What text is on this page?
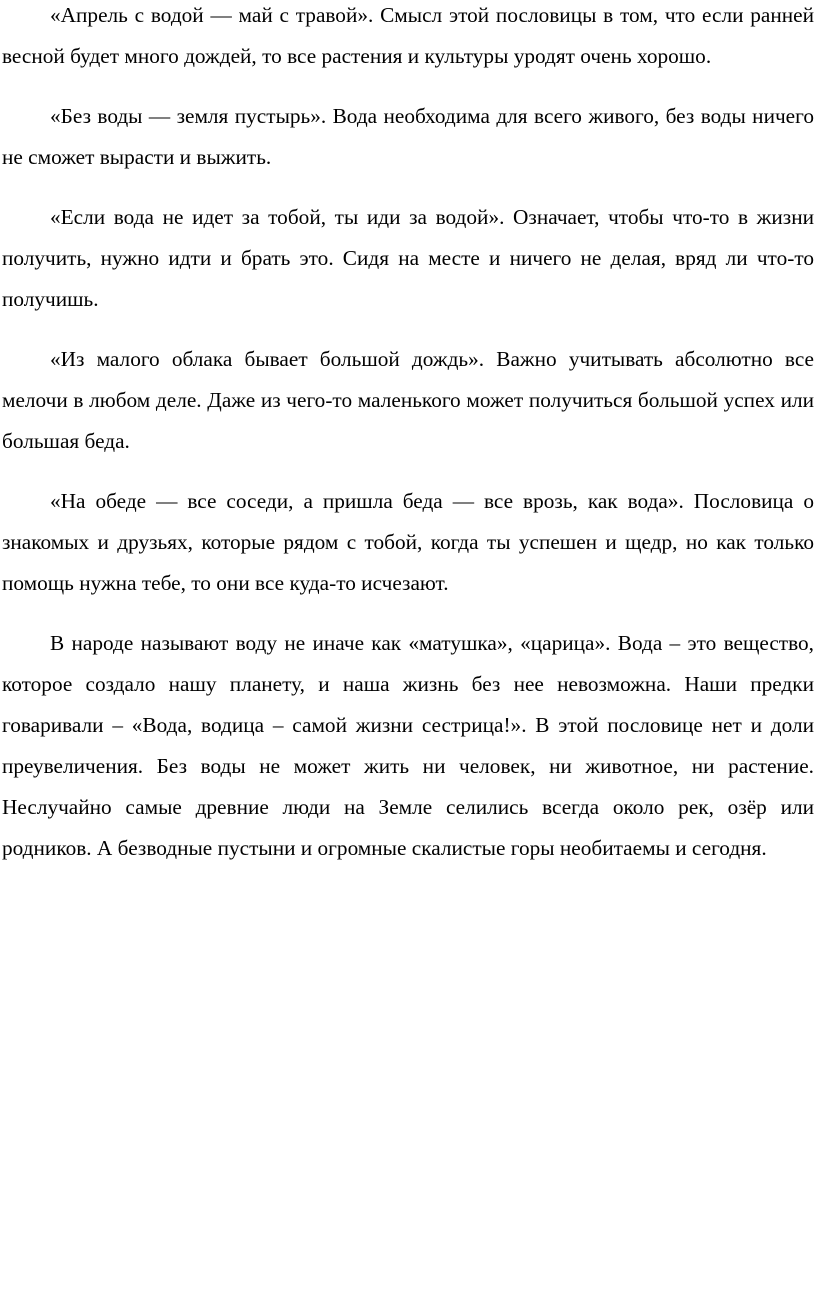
«Апрель с водой — май с травой». Смысл этой пословицы в том, что если ранней весной будет много дождей, то все растения и культуры уродят очень хорошо.

«Без воды — земля пустырь». Вода необходима для всего живого, без воды ничего не сможет вырасти и выжить.

«Если вода не идет за тобой, ты иди за водой». Означает, чтобы что-то в жизни получить, нужно идти и брать это. Сидя на месте и ничего не делая, вряд ли что-то получишь.

«Из малого облака бывает большой дождь». Важно учитывать абсолютно все мелочи в любом деле. Даже из чего-то маленького может получиться большой успех или большая беда.

«На обеде — все соседи, а пришла беда — все врозь, как вода». Пословица о знакомых и друзьях, которые рядом с тобой, когда ты успешен и щедр, но как только помощь нужна тебе, то они все куда-то исчезают.

В народе называют воду не иначе как «матушка», «царица». Вода – это вещество, которое создало нашу планету, и наша жизнь без нее невозможна. Наши предки говаривали – «Вода, водица – самой жизни сестрица!». В этой пословице нет и доли преувеличения. Без воды не может жить ни человек, ни животное, ни растение. Неслучайно самые древние люди на Земле селились всегда около рек, озёр или родников. А безводные пустыни и огромные скалистые горы необитаемы и сегодня.
